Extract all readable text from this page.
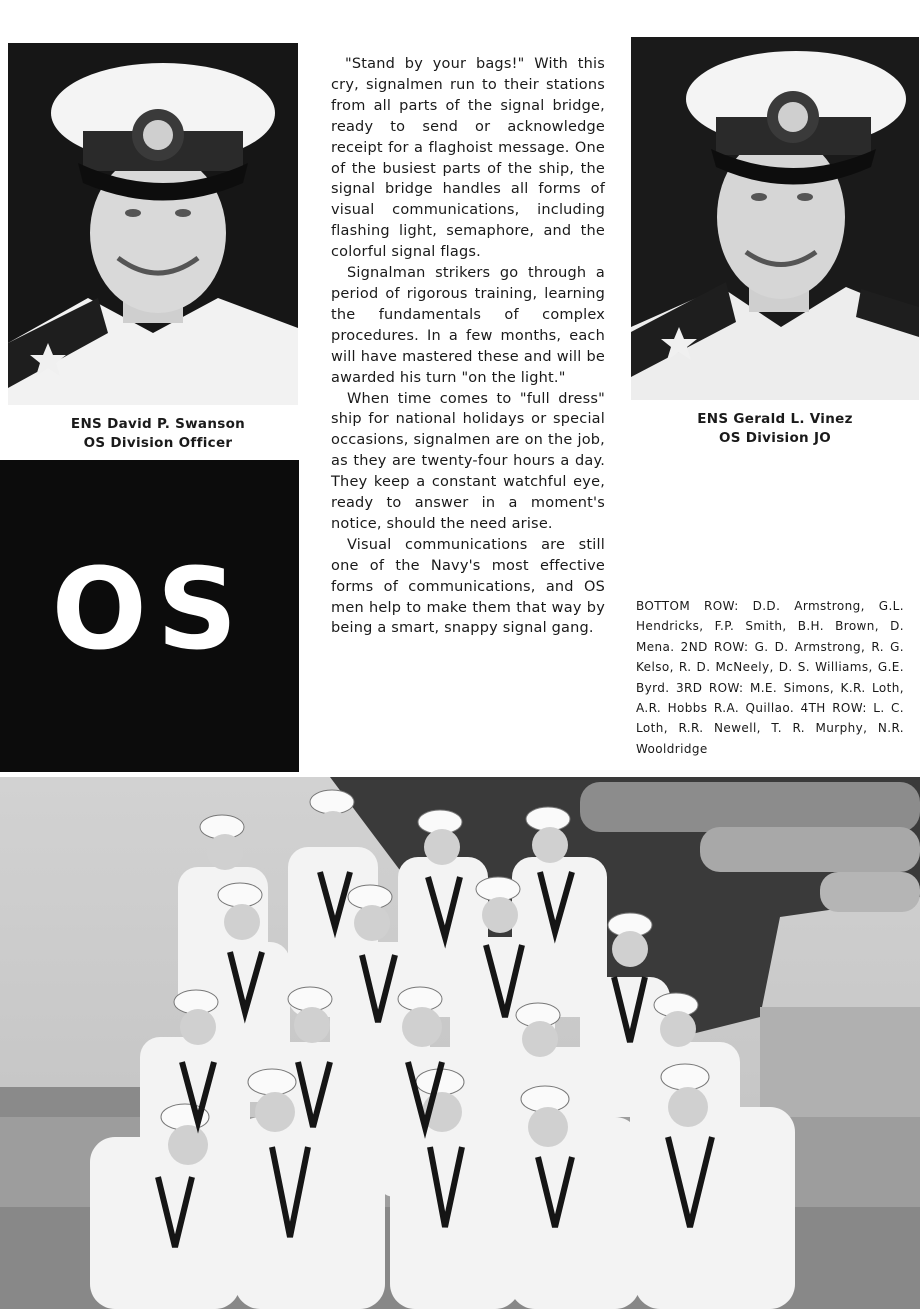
ENS David P. Swanson
OS Division Officer
OS

"Stand by your bags!" With this cry, signalmen run to their stations from all parts of the signal bridge, ready to send or acknowledge receipt for a flaghoist message. One of the busiest parts of the ship, the signal bridge handles all forms of visual communications, including flashing light, semaphore, and the colorful signal flags.

Signalman strikers go through a period of rigorous training, learning the fundamentals of complex procedures. In a few months, each will have mastered these and will be awarded his turn "on the light."

When time comes to "full dress" ship for national holidays or special occasions, signalmen are on the job, as they are twenty-four hours a day. They keep a constant watchful eye, ready to answer in a moment's notice, should the need arise.

Visual communications are still one of the Navy's most effective forms of communications, and OS men help to make them that way by being a smart, snappy signal gang.

ENS Gerald L. Vinez
OS Division JO
BOTTOM ROW: D.D. Armstrong, G.L. Hendricks, F.P. Smith, B.H. Brown, D. Mena. 2ND ROW: G. D. Armstrong, R. G. Kelso, R. D. McNeely, D. S. Williams, G.E. Byrd. 3RD ROW: M.E. Simons, K.R. Loth, A.R. Hobbs R.A. Quillao. 4TH ROW: L. C. Loth, R.R. Newell, T. R. Murphy, N.R. Wooldridge
